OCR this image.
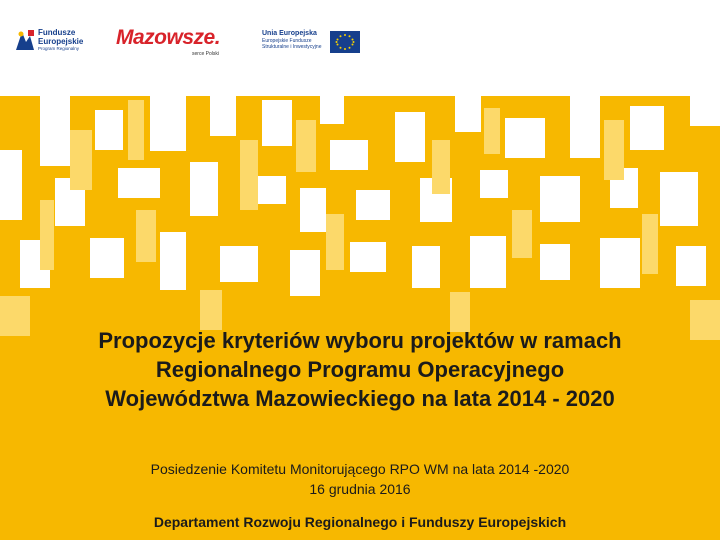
Fundusze
Europejskie
Program Regionalny	Mazowsze.
serce Polski
Unia Europejska
Europejskie Fundusze
Strukturalne i Inwestycyjne
Propozycje kryteriów wyboru projektów w ramach
Regionalnego Programu Operacyjnego
Województwa Mazowieckiego na lata 2014 - 2020
Posiedzenie Komitetu Monitorującego RPO WM na lata 2014 -2020
16 grudnia 2016
Departament Rozwoju Regionalnego i Funduszy Europejskich
